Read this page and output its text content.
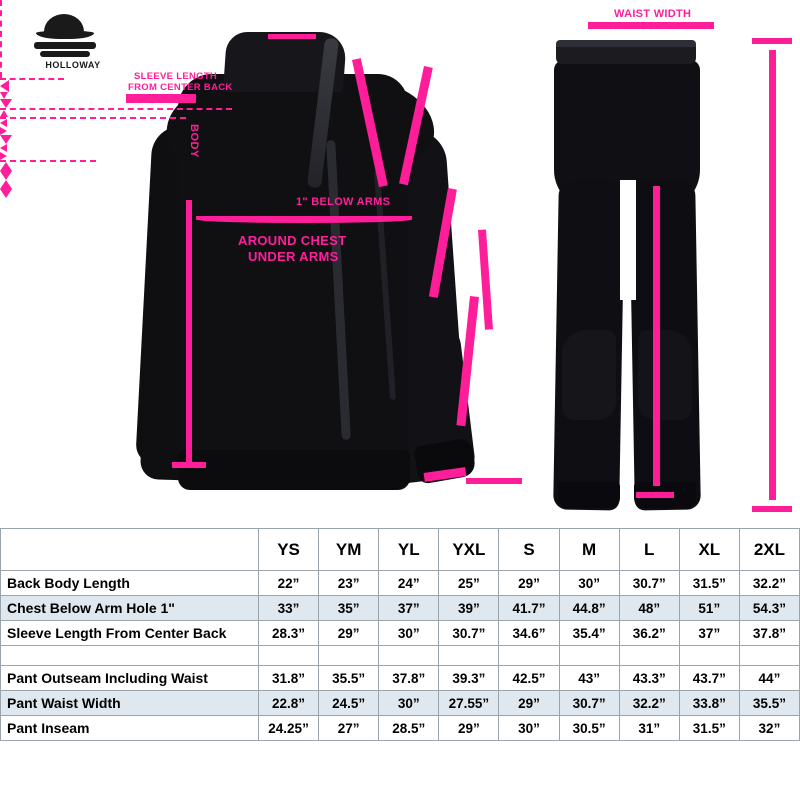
HOLLOWAY
SLEEVE LENGTH
FROM CENTER BACK
BODY
1" BELOW ARMS
AROUND CHEST
UNDER ARMS
WAIST WIDTH
	YS	YM	YL	YXL	S	M	L	XL	2XL
Back Body Length	22”	23”	24”	25”	29”	30”	30.7”	31.5”	32.2”
Chest Below Arm Hole 1"	33”	35”	37”	39”	41.7”	44.8”	48”	51”	54.3”
Sleeve Length From Center Back	28.3”	29”	30”	30.7”	34.6”	35.4”	36.2”	37”	37.8”

Pant Outseam Including Waist	31.8”	35.5”	37.8”	39.3”	42.5”	43”	43.3”	43.7”	44”
Pant Waist Width	22.8”	24.5”	30”	27.55”	29”	30.7”	32.2”	33.8”	35.5”
Pant Inseam	24.25”	27”	28.5”	29”	30”	30.5”	31”	31.5”	32”
